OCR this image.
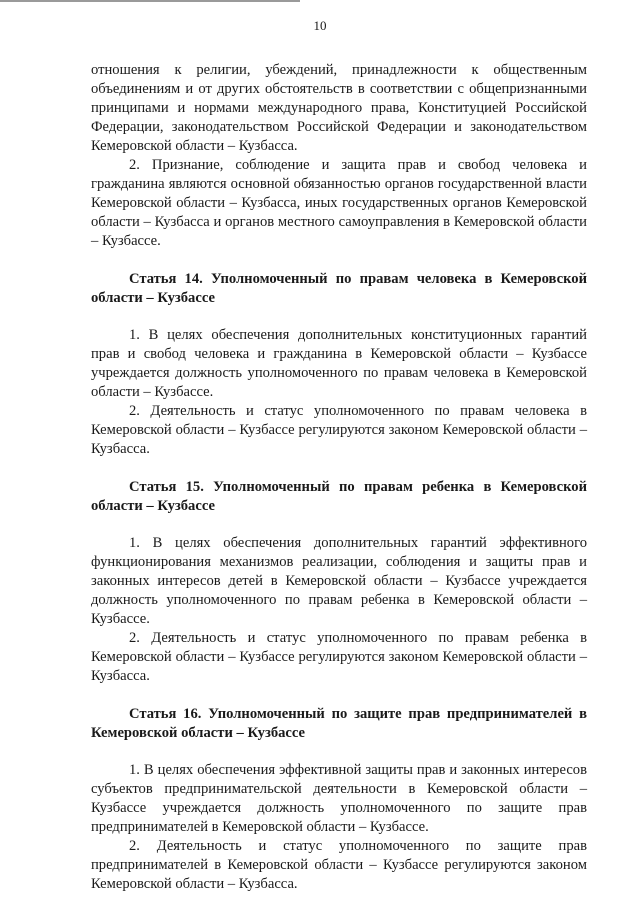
10

отношения к религии, убеждений, принадлежности к общественным объединениям и от других обстоятельств в соответствии с общепризнанными принципами и нормами международного права, Конституцией Российской Федерации, законодательством Российской Федерации и законодательством Кемеровской области – Кузбасса.

2. Признание, соблюдение и защита прав и свобод человека и гражданина являются основной обязанностью органов государственной власти Кемеровской области – Кузбасса, иных государственных органов Кемеровской области – Кузбасса и органов местного самоуправления в Кемеровской области – Кузбассе.

Статья 14. Уполномоченный по правам человека в Кемеровской области – Кузбассе

1. В целях обеспечения дополнительных конституционных гарантий прав и свобод человека и гражданина в Кемеровской области – Кузбассе учреждается должность уполномоченного по правам человека в Кемеровской области – Кузбассе.

2. Деятельность и статус уполномоченного по правам человека в Кемеровской области – Кузбассе регулируются законом Кемеровской области – Кузбасса.

Статья 15. Уполномоченный по правам ребенка в Кемеровской области – Кузбассе

1. В целях обеспечения дополнительных гарантий эффективного функционирования механизмов реализации, соблюдения и защиты прав и законных интересов детей в Кемеровской области – Кузбассе учреждается должность уполномоченного по правам ребенка в Кемеровской области – Кузбассе.

2. Деятельность и статус уполномоченного по правам ребенка в Кемеровской области – Кузбассе регулируются законом Кемеровской области – Кузбасса.

Статья 16. Уполномоченный по защите прав предпринимателей в Кемеровской области – Кузбассе

1. В целях обеспечения эффективной защиты прав и законных интересов субъектов предпринимательской деятельности в Кемеровской области – Кузбассе учреждается должность уполномоченного по защите прав предпринимателей в Кемеровской области – Кузбассе.

2. Деятельность и статус уполномоченного по защите прав предпринимателей в Кемеровской области – Кузбассе регулируются законом Кемеровской области – Кузбасса.
